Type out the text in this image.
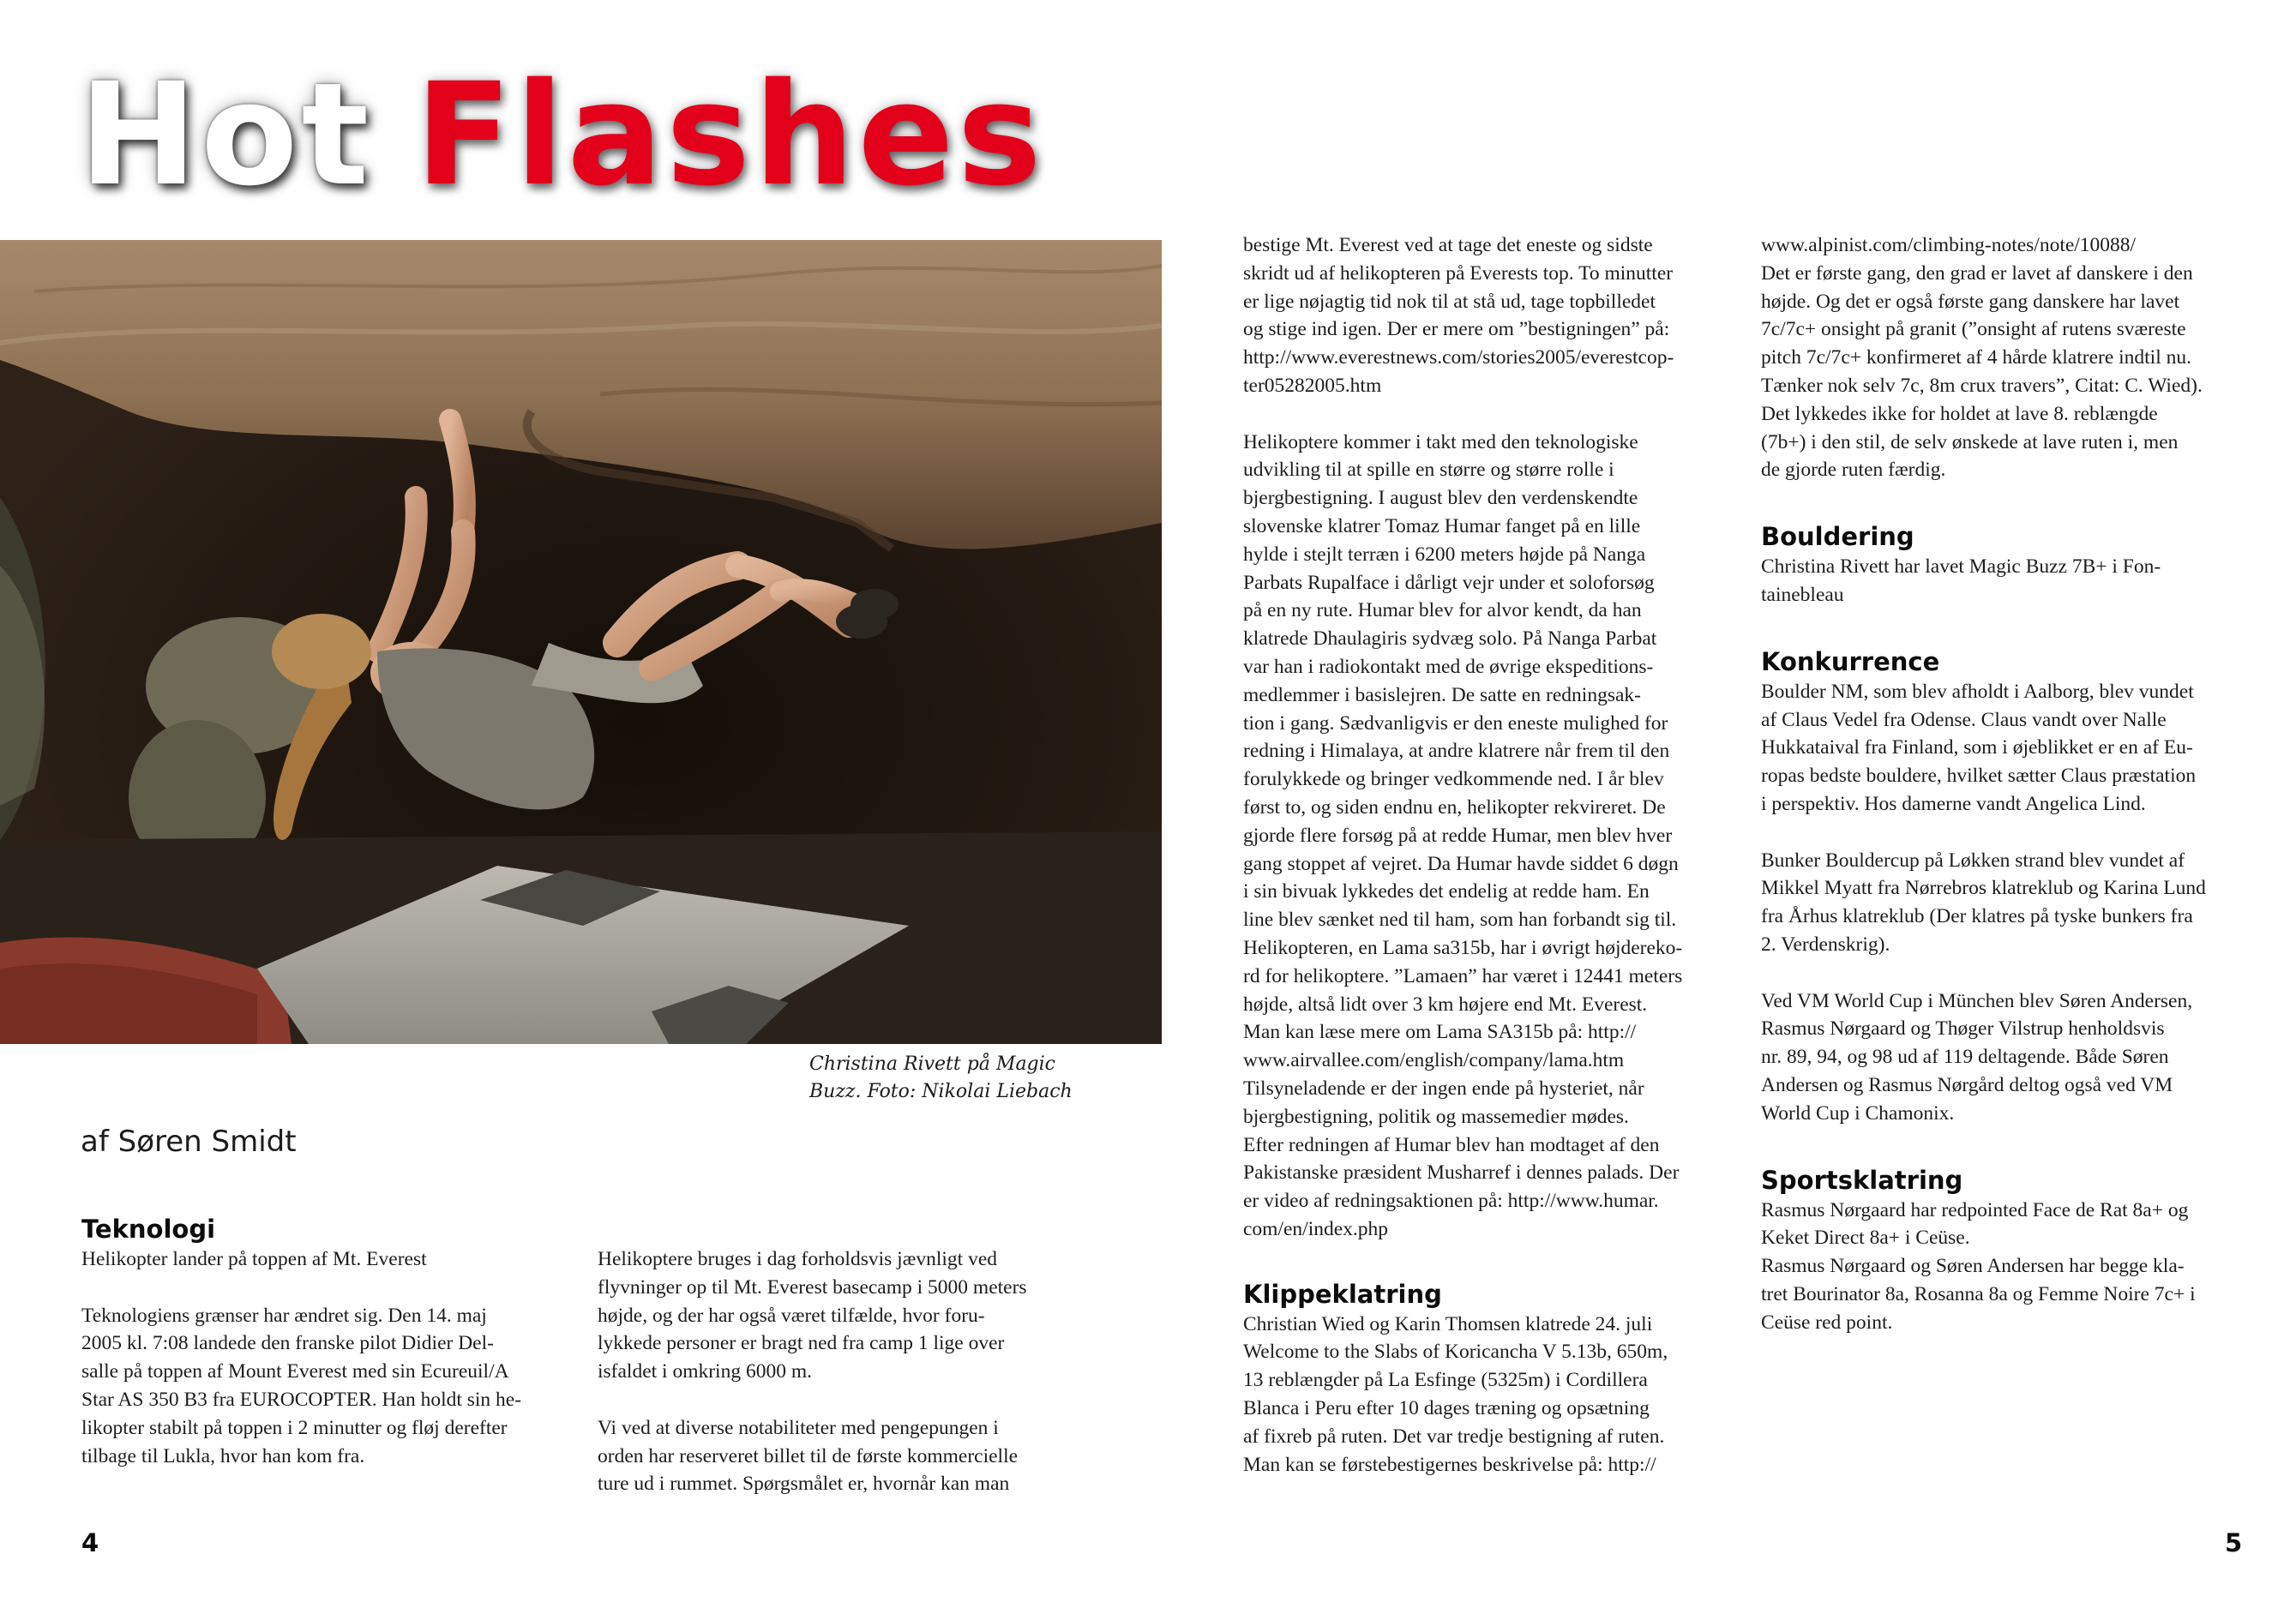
Hot Flashes
Christina Rivett på Magic
Buzz. Foto: Nikolai Liebach
af Søren Smidt
Teknologi

Helikopter lander på toppen af Mt. Everest

Teknologiens grænser har ændret sig. Den 14. maj
2005 kl. 7:08 landede den franske pilot Didier Del-
salle på toppen af Mount Everest med sin Ecureuil/A
Star AS 350 B3 fra EUROCOPTER. Han holdt sin he-
likopter stabilt på toppen i 2 minutter og fløj derefter
tilbage til Lukla, hvor han kom fra.

Helikoptere bruges i dag forholdsvis jævnligt ved
flyvninger op til Mt. Everest basecamp i 5000 meters
højde, og der har også været tilfælde, hvor foru-
lykkede personer er bragt ned fra camp 1 lige over
isfaldet i omkring 6000 m.

Vi ved at diverse notabiliteter med pengepungen i
orden har reserveret billet til de første kommercielle
ture ud i rummet. Spørgsmålet er, hvornår kan man

bestige Mt. Everest ved at tage det eneste og sidste
skridt ud af helikopteren på Everests top. To minutter
er lige nøjagtig tid nok til at stå ud, tage topbilledet
og stige ind igen. Der er mere om ”bestigningen” på:
http://www.everestnews.com/stories2005/everestcop-
ter05282005.htm

Helikoptere kommer i takt med den teknologiske
udvikling til at spille en større og større rolle i
bjergbestigning. I august blev den verdenskendte
slovenske klatrer Tomaz Humar fanget på en lille
hylde i stejlt terræn i 6200 meters højde på Nanga
Parbats Rupalface i dårligt vejr under et soloforsøg
på en ny rute. Humar blev for alvor kendt, da han
klatrede Dhaulagiris sydvæg solo. På Nanga Parbat
var han i radiokontakt med de øvrige ekspeditions-
medlemmer i basislejren. De satte en redningsak-
tion i gang. Sædvanligvis er den eneste mulighed for
redning i Himalaya, at andre klatrere når frem til den
forulykkede og bringer vedkommende ned. I år blev
først to, og siden endnu en, helikopter rekvireret. De
gjorde flere forsøg på at redde Humar, men blev hver
gang stoppet af vejret. Da Humar havde siddet 6 døgn
i sin bivuak lykkedes det endelig at redde ham. En
line blev sænket ned til ham, som han forbandt sig til.
Helikopteren, en Lama sa315b, har i øvrigt højdereko-
rd for helikoptere. ”Lamaen” har været i 12441 meters
højde, altså lidt over 3 km højere end Mt. Everest.
Man kan læse mere om Lama SA315b på: http://
www.airvallee.com/english/company/lama.htm
Tilsyneladende er der ingen ende på hysteriet, når
bjergbestigning, politik og massemedier mødes.
Efter redningen af Humar blev han modtaget af den
Pakistanske præsident Musharref i dennes palads. Der
er video af redningsaktionen på: http://www.humar.
com/en/index.php

Klippeklatring

Christian Wied og Karin Thomsen klatrede 24. juli
Welcome to the Slabs of Koricancha V 5.13b, 650m,
13 reblængder på La Esfinge (5325m) i Cordillera
Blanca i Peru efter 10 dages træning og opsætning
af fixreb på ruten. Det var tredje bestigning af ruten.
Man kan se førstebestigernes beskrivelse på: http://

www.alpinist.com/climbing-notes/note/10088/
Det er første gang, den grad er lavet af danskere i den
højde. Og det er også første gang danskere har lavet
7c/7c+ onsight på granit (”onsight af rutens sværeste
pitch 7c/7c+ konfirmeret af 4 hårde klatrere indtil nu.
Tænker nok selv 7c, 8m crux travers”, Citat: C. Wied).
Det lykkedes ikke for holdet at lave 8. reblængde
(7b+) i den stil, de selv ønskede at lave ruten i, men
de gjorde ruten færdig.

Bouldering

Christina Rivett har lavet Magic Buzz 7B+ i Fon-
tainebleau

Konkurrence

Boulder NM, som blev afholdt i Aalborg, blev vundet
af Claus Vedel fra Odense. Claus vandt over Nalle
Hukkataival fra Finland, som i øjeblikket er en af Eu-
ropas bedste bouldere, hvilket sætter Claus præstation
i perspektiv. Hos damerne vandt Angelica Lind.

Bunker Bouldercup på Løkken strand blev vundet af
Mikkel Myatt fra Nørrebros klatreklub og Karina Lund
fra Århus klatreklub (Der klatres på tyske bunkers fra
2. Verdenskrig).

Ved VM World Cup i München blev Søren Andersen,
Rasmus Nørgaard og Thøger Vilstrup henholdsvis
nr. 89, 94, og 98 ud af 119 deltagende. Både Søren
Andersen og Rasmus Nørgård deltog også ved VM
World Cup i Chamonix.

Sportsklatring

Rasmus Nørgaard har redpointed Face de Rat 8a+ og
Keket Direct 8a+ i Ceüse.
Rasmus Nørgaard og Søren Andersen har begge kla-
tret Bourinator 8a, Rosanna 8a og Femme Noire 7c+ i
Ceüse red point.

4	5
